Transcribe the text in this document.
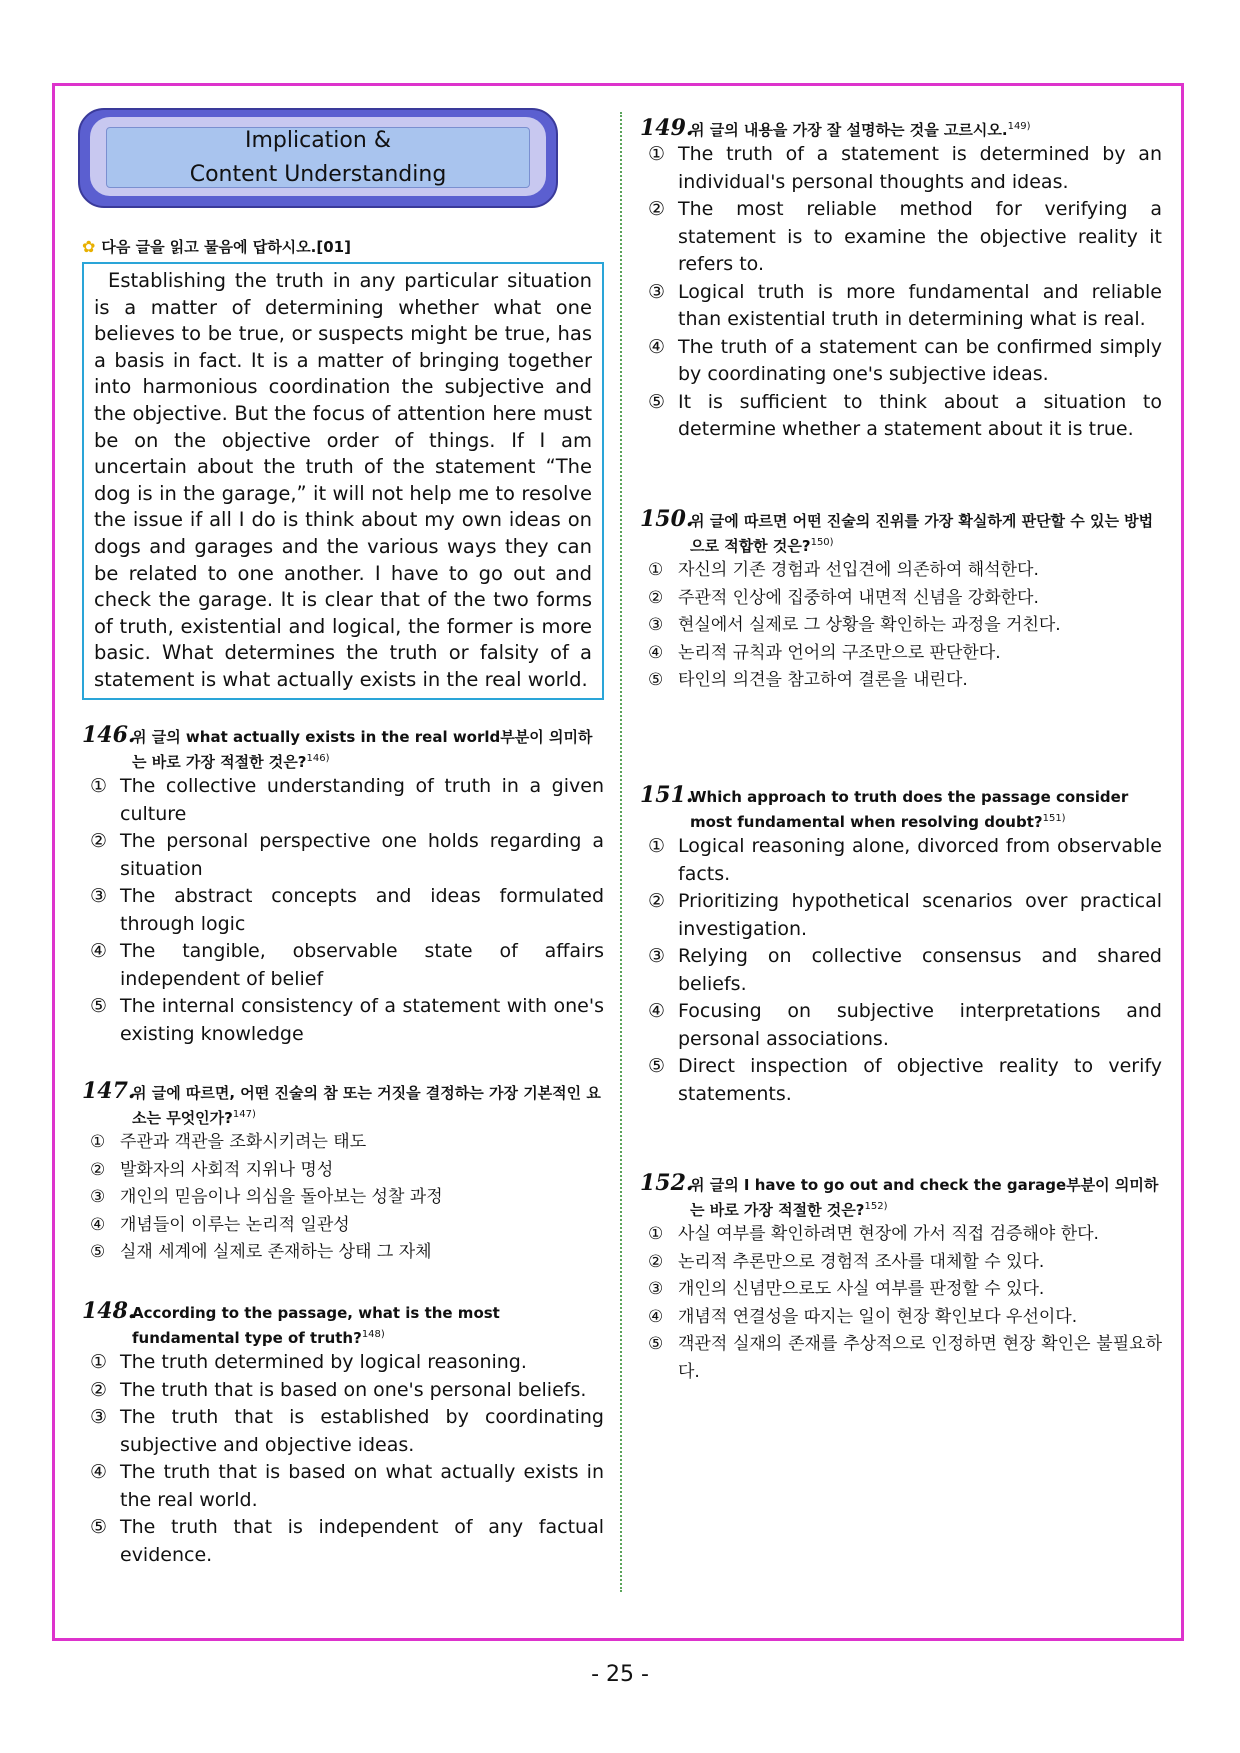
Implication &
Content Understanding
✿ 다음 글을 읽고 물음에 답하시오.[01]
Establishing the truth in any particular situation is a matter of determining whether what one believes to be true, or suspects might be true, has a basis in fact. It is a matter of bringing together into harmonious coordination the subjective and the objective. But the focus of attention here must be on the objective order of things. If I am uncertain about the truth of the statement “The dog is in the garage,” it will not help me to resolve the issue if all I do is think about my own ideas on dogs and garages and the various ways they can be related to one another. I have to go out and check the garage. It is clear that of the two forms of truth, existential and logical, the former is more basic. What determines the truth or falsity of a statement is what actually exists in the real world.
146.위 글의 what actually exists in the real world부분이 의미하는 바로 가장 적절한 것은?$^{146)}$
① The collective understanding of truth in a given culture
② The personal perspective one holds regarding a situation
③ The abstract concepts and ideas formulated through logic
④ The tangible, observable state of affairs independent of belief
⑤ The internal consistency of a statement with one's existing knowledge
147.위 글에 따르면, 어떤 진술의 참 또는 거짓을 결정하는 가장 기본적인 요소는 무엇인가?$^{147)}$
① 주관과 객관을 조화시키려는 태도
② 발화자의 사회적 지위나 명성
③ 개인의 믿음이나 의심을 돌아보는 성찰 과정
④ 개념들이 이루는 논리적 일관성
⑤ 실재 세계에 실제로 존재하는 상태 그 자체
148.According to the passage, what is the most fundamental type of truth?$^{148)}$
① The truth determined by logical reasoning.
② The truth that is based on one's personal beliefs.
③ The truth that is established by coordinating subjective and objective ideas.
④ The truth that is based on what actually exists in the real world.
⑤ The truth that is independent of any factual evidence.
149.위 글의 내용을 가장 잘 설명하는 것을 고르시오.$^{149)}$
① The truth of a statement is determined by an individual's personal thoughts and ideas.
② The most reliable method for verifying a statement is to examine the objective reality it refers to.
③ Logical truth is more fundamental and reliable than existential truth in determining what is real.
④ The truth of a statement can be confirmed simply by coordinating one's subjective ideas.
⑤ It is sufficient to think about a situation to determine whether a statement about it is true.
150.위 글에 따르면 어떤 진술의 진위를 가장 확실하게 판단할 수 있는 방법으로 적합한 것은?$^{150)}$
① 자신의 기존 경험과 선입견에 의존하여 해석한다.
② 주관적 인상에 집중하여 내면적 신념을 강화한다.
③ 현실에서 실제로 그 상황을 확인하는 과정을 거친다.
④ 논리적 규칙과 언어의 구조만으로 판단한다.
⑤ 타인의 의견을 참고하여 결론을 내린다.
151.Which approach to truth does the passage consider most fundamental when resolving doubt?$^{151)}$
① Logical reasoning alone, divorced from observable facts.
② Prioritizing hypothetical scenarios over practical investigation.
③ Relying on collective consensus and shared beliefs.
④ Focusing on subjective interpretations and personal associations.
⑤ Direct inspection of objective reality to verify statements.
152.위 글의 I have to go out and check the garage부분이 의미하는 바로 가장 적절한 것은?$^{152)}$
① 사실 여부를 확인하려면 현장에 가서 직접 검증해야 한다.
② 논리적 추론만으로 경험적 조사를 대체할 수 있다.
③ 개인의 신념만으로도 사실 여부를 판정할 수 있다.
④ 개념적 연결성을 따지는 일이 현장 확인보다 우선이다.
⑤ 객관적 실재의 존재를 추상적으로 인정하면 현장 확인은 불필요하다.
- 25 -
